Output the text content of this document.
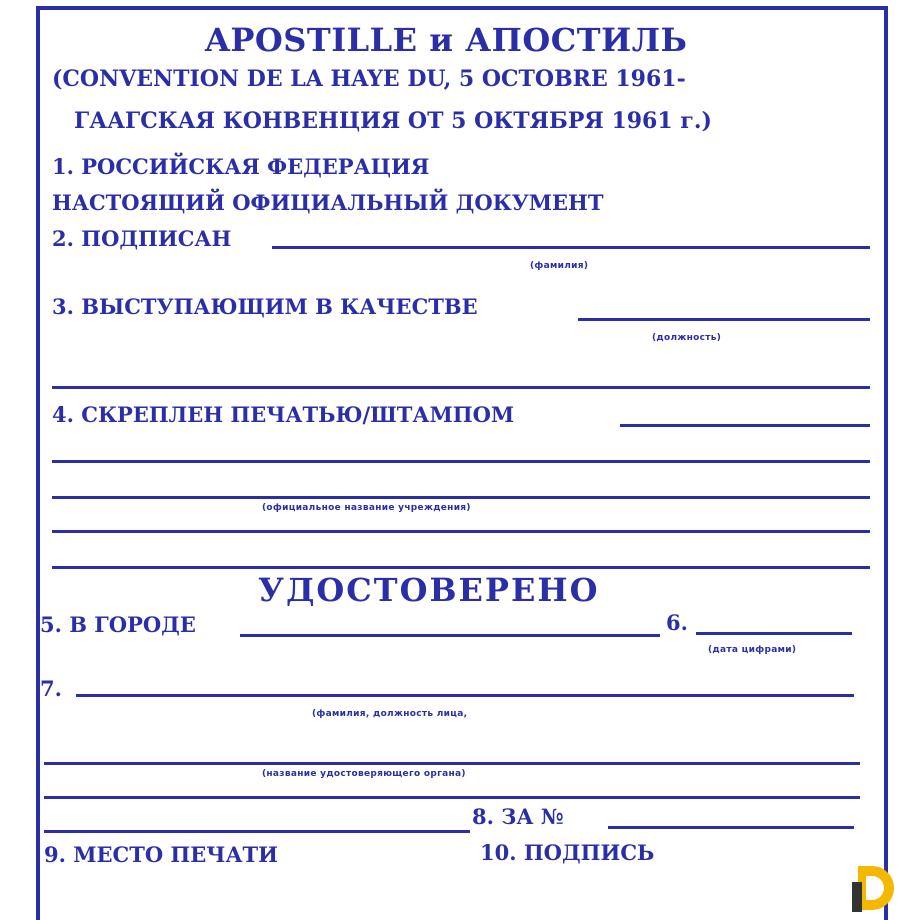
APOSTILLE и АПОСТИЛЬ
(CONVENTION DE LA HAYE DU, 5 OCTOBRE 1961-
ГААГСКАЯ КОНВЕНЦИЯ ОТ 5 ОКТЯБРЯ 1961 г.)
1. РОССИЙСКАЯ ФЕДЕРАЦИЯ
НАСТОЯЩИЙ ОФИЦИАЛЬНЫЙ ДОКУМЕНТ
2. ПОДПИСАН
(фамилия)
3. ВЫСТУПАЮЩИМ В КАЧЕСТВЕ
(должность)
4. СКРЕПЛЕН ПЕЧАТЬЮ/ШТАМПОМ
(официальное название учреждения)
УДОСТОВЕРЕНО
5. В ГОРОДЕ	6.
(дата цифрами)
7.
(фамилия, должность лица,
(название удостоверяющего органа)
8. ЗА №
9. МЕСТО ПЕЧАТИ	10. ПОДПИСЬ
